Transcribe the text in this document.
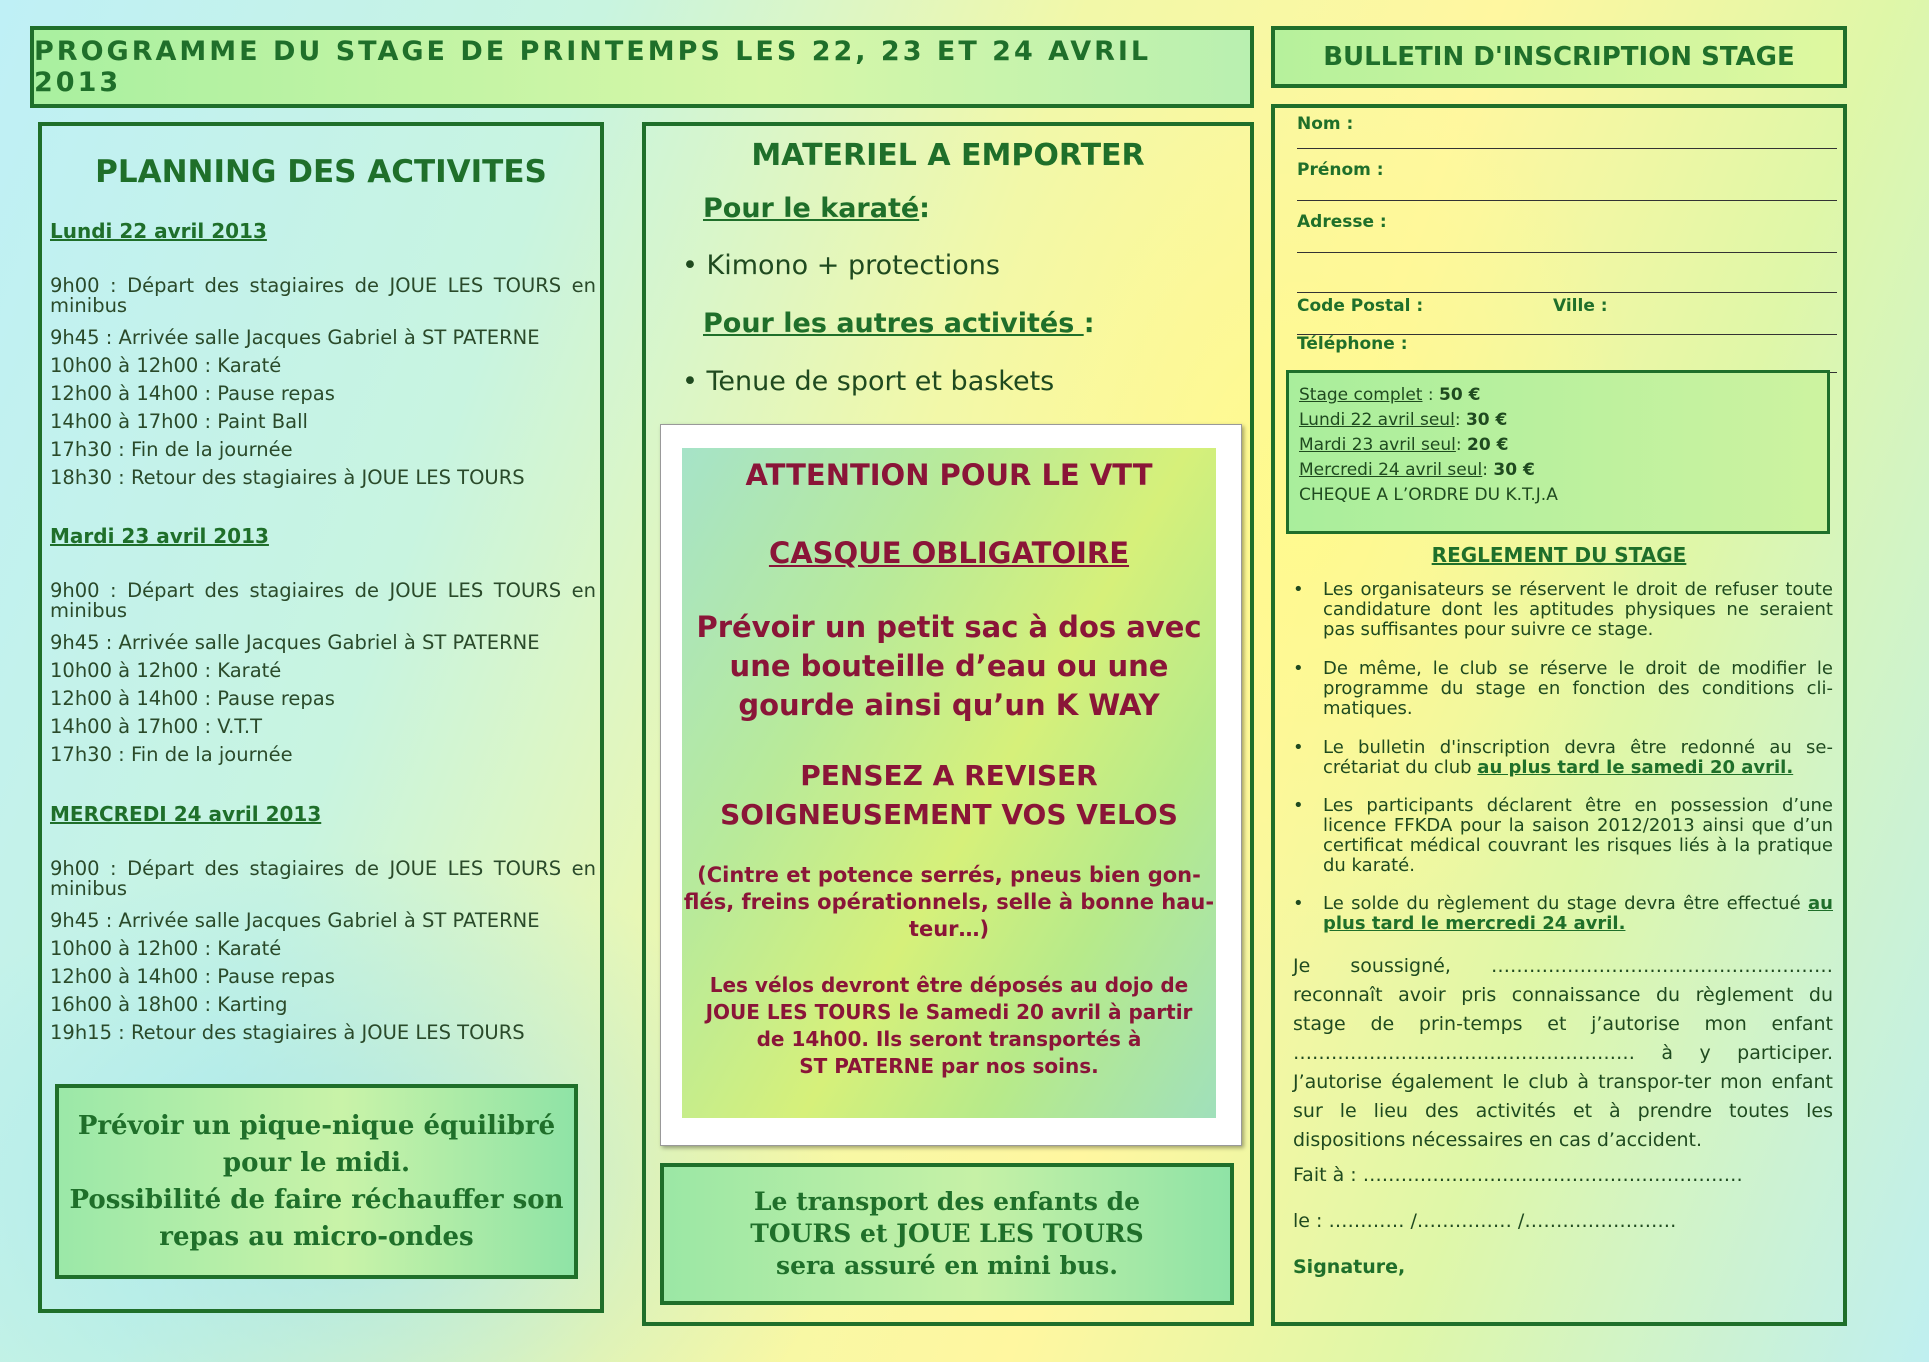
PROGRAMME DU STAGE DE PRINTEMPS LES 22, 23 ET 24 AVRIL 2013
BULLETIN D'INSCRIPTION STAGE
PLANNING DES ACTIVITES

Lundi 22 avril 2013

9h00 : Départ des stagiaires de JOUE LES TOURS en minibus
9h45 : Arrivée salle Jacques Gabriel à ST PATERNE
10h00 à 12h00 : Karaté
12h00 à 14h00 : Pause repas
14h00 à 17h00 : Paint Ball
17h30 : Fin de la journée
18h30 : Retour des stagiaires à JOUE LES TOURS

Mardi 23 avril 2013

9h00 : Départ des stagiaires de JOUE LES TOURS en minibus
9h45 : Arrivée salle Jacques Gabriel à ST PATERNE
10h00 à 12h00 : Karaté
12h00 à 14h00 : Pause repas
14h00 à 17h00 : V.T.T
17h30 : Fin de la journée

MERCREDI 24 avril 2013

9h00 : Départ des stagiaires de JOUE LES TOURS en minibus
9h45 : Arrivée salle Jacques Gabriel à ST PATERNE
10h00 à 12h00 : Karaté
12h00 à 14h00 : Pause repas
16h00 à 18h00 : Karting
19h15 : Retour des stagiaires à JOUE LES TOURS
Prévoir un pique-nique équilibré
pour le midi.
Possibilité de faire réchauffer son
repas au micro-ondes
MATERIEL A EMPORTER
Pour le karaté:
• Kimono + protections
Pour les autres activités :
• Tenue de sport et baskets
ATTENTION POUR LE VTT
CASQUE OBLIGATOIRE
Prévoir un petit sac à dos avec
une bouteille d’eau ou une
gourde ainsi qu’un K WAY
PENSEZ A REVISER
SOIGNEUSEMENT VOS VELOS
(Cintre et potence serrés, pneus bien gon-
flés, freins opérationnels, selle à bonne hau-
teur…)
Les vélos devront être déposés au dojo de
JOUE LES TOURS le Samedi 20 avril à partir
de 14h00. Ils seront transportés à
ST PATERNE par nos soins.
Le transport des enfants de
TOURS et JOUE LES TOURS
sera assuré en mini bus.
Nom :
Prénom :
Adresse :
Code Postal :	Ville :
Téléphone :
Stage complet : 50 €
Lundi 22 avril seul: 30 €
Mardi 23 avril seul: 20 €
Mercredi 24 avril seul: 30 €
CHEQUE A L’ORDRE DU K.T.J.A
REGLEMENT DU STAGE
• Les organisateurs se réservent le droit de refuser toute candidature dont les aptitudes physiques ne seraient pas suffisantes pour suivre ce stage.
• De même, le club se réserve le droit de modifier le programme du stage en fonction des conditions cli-matiques.
• Le bulletin d'inscription devra être redonné au se-crétariat du club au plus tard le samedi 20 avril.
• Les participants déclarent être en possession d’une licence FFKDA pour la saison 2012/2013 ainsi que d’un certificat médical couvrant les risques liés à la pratique du karaté.
• Le solde du règlement du stage devra être effectué au plus tard le mercredi 24 avril.
Je soussigné, ……………………………………………… reconnaît avoir pris connaissance du règlement du stage de prin-temps et j’autorise mon enfant ……………………………………………… à y participer. J’autorise également le club à transpor-ter mon enfant sur le lieu des activités et à prendre toutes les dispositions nécessaires en cas d’accident.
Fait à : ……………………………………………………
le : ………… /…………… /……………………
Signature,
